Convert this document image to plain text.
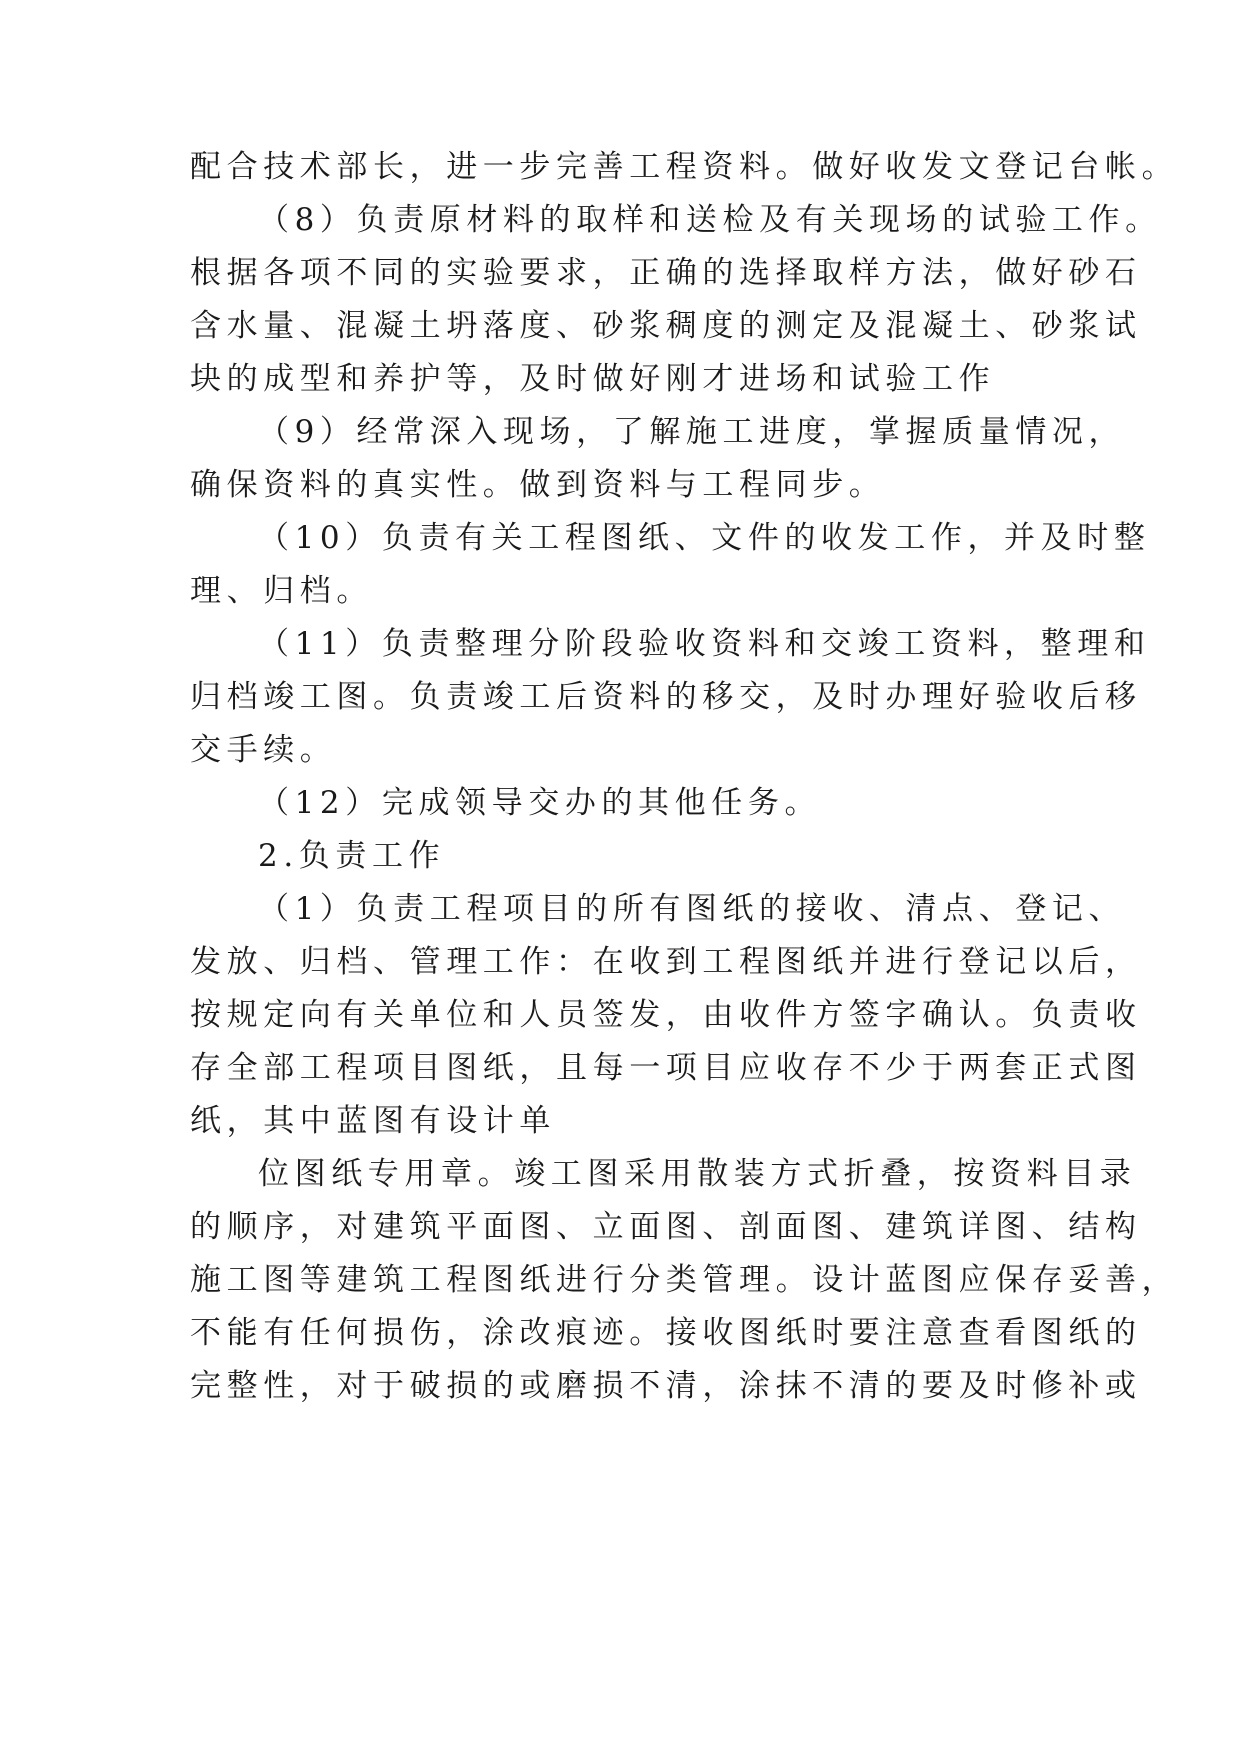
配合技术部长，进一步完善工程资料。做好收发文登记台帐。
（8）负责原材料的取样和送检及有关现场的试验工作。
根据各项不同的实验要求，正确的选择取样方法，做好砂石
含水量、混凝土坍落度、砂浆稠度的测定及混凝土、砂浆试
块的成型和养护等，及时做好刚才进场和试验工作
（9）经常深入现场，了解施工进度，掌握质量情况，
确保资料的真实性。做到资料与工程同步。
（10）负责有关工程图纸、文件的收发工作，并及时整
理、归档。
（11）负责整理分阶段验收资料和交竣工资料，整理和
归档竣工图。负责竣工后资料的移交，及时办理好验收后移
交手续。
（12）完成领导交办的其他任务。
2.负责工作
（1）负责工程项目的所有图纸的接收、清点、登记、
发放、归档、管理工作：在收到工程图纸并进行登记以后，
按规定向有关单位和人员签发，由收件方签字确认。负责收
存全部工程项目图纸，且每一项目应收存不少于两套正式图
纸，其中蓝图有设计单
位图纸专用章。竣工图采用散装方式折叠，按资料目录
的顺序，对建筑平面图、立面图、剖面图、建筑详图、结构
施工图等建筑工程图纸进行分类管理。设计蓝图应保存妥善，
不能有任何损伤，涂改痕迹。接收图纸时要注意查看图纸的
完整性，对于破损的或磨损不清，涂抹不清的要及时修补或
